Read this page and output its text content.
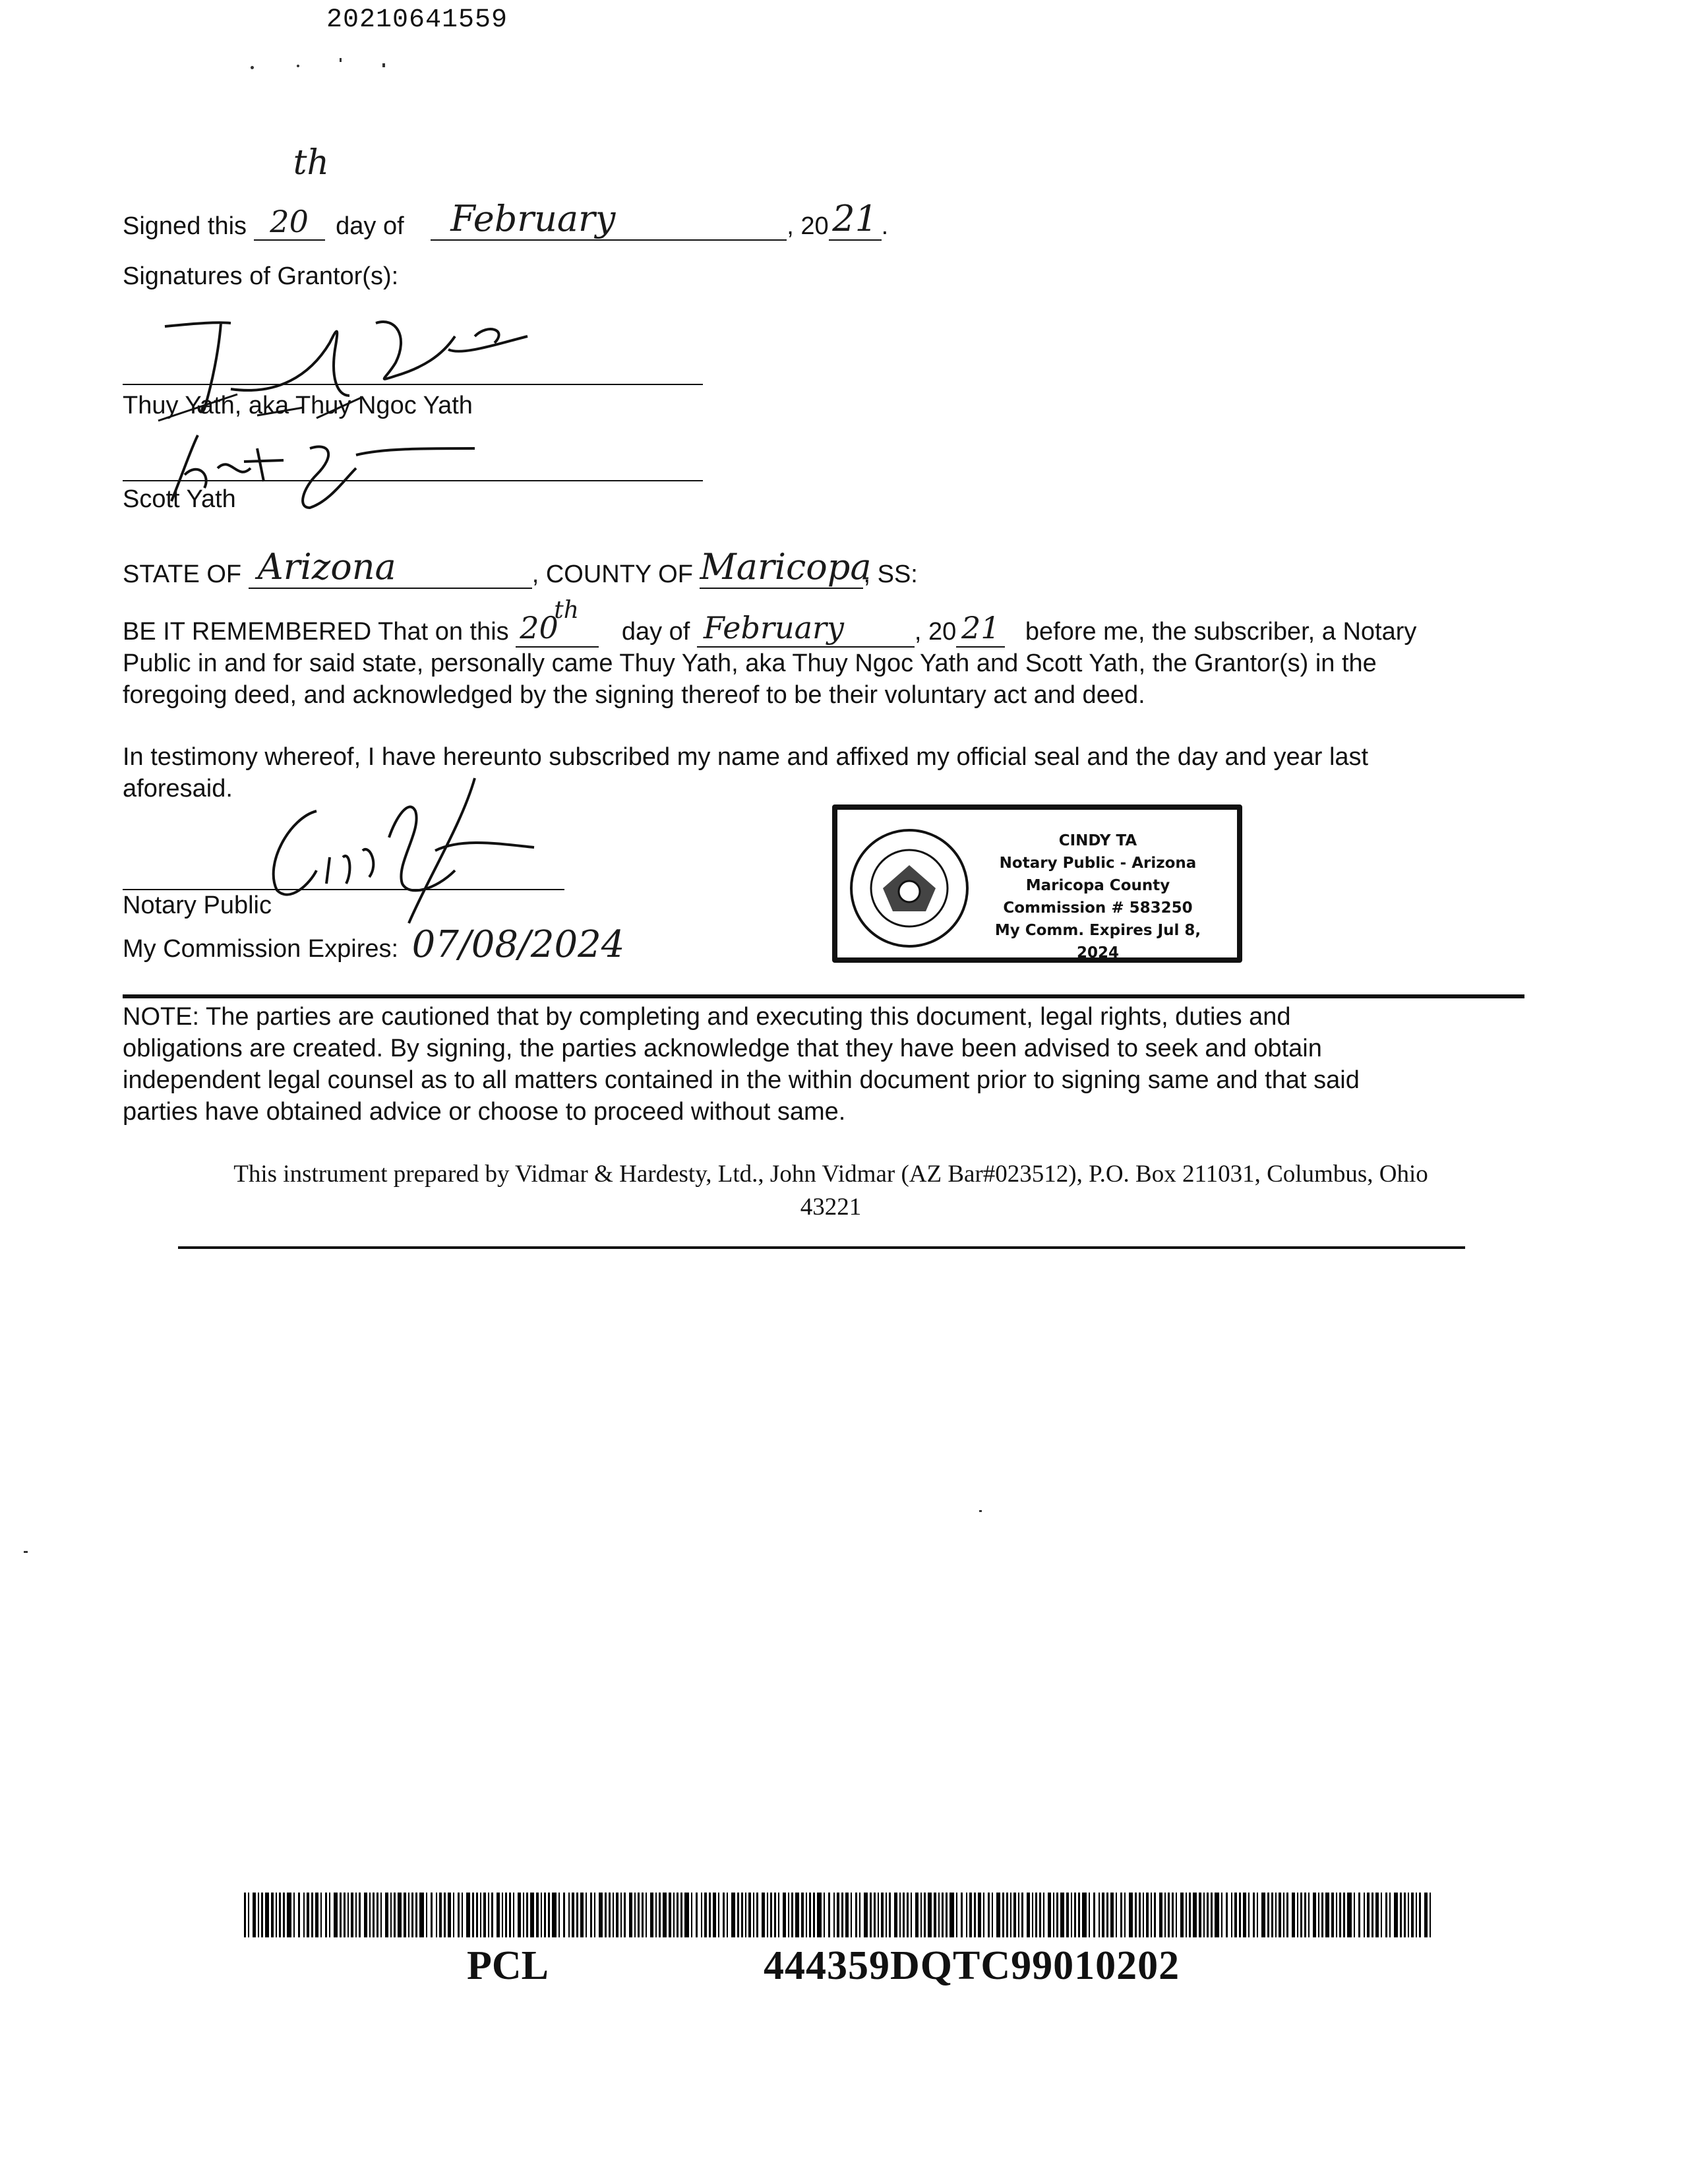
20210641559
Signed this 20
th
day of February	, 20 21 .
Signatures of Grantor(s):
Thuy Yath, aka Thuy Ngoc Yath
Scott Yath
STATE OF Arizona	, COUNTY OF Maricopa, SS:
BE IT REMEMBERED That on this 20
th
day of February	, 20 21 before me, the subscriber, a Notary
Public in and for said state, personally came Thuy Yath, aka Thuy Ngoc Yath and Scott Yath, the Grantor(s) in the
foregoing deed, and acknowledged by the signing thereof to be their voluntary act and deed.
In testimony whereof, I have hereunto subscribed my name and affixed my official seal and the day and year last
aforesaid.
Notary Public
My Commission Expires: 07/08/2024
CINDY TA
Notary Public - Arizona
Maricopa County
Commission # 583250
My Comm. Expires Jul 8, 2024
NOTE: The parties are cautioned that by completing and executing this document, legal rights, duties and
obligations are created. By signing, the parties acknowledge that they have been advised to seek and obtain
independent legal counsel as to all matters contained in the within document prior to signing same and that said
parties have obtained advice or choose to proceed without same.
This instrument prepared by Vidmar & Hardesty, Ltd., John Vidmar (AZ Bar#023512), P.O. Box 211031, Columbus, Ohio
43221
PCL	444359DQTC99010202
